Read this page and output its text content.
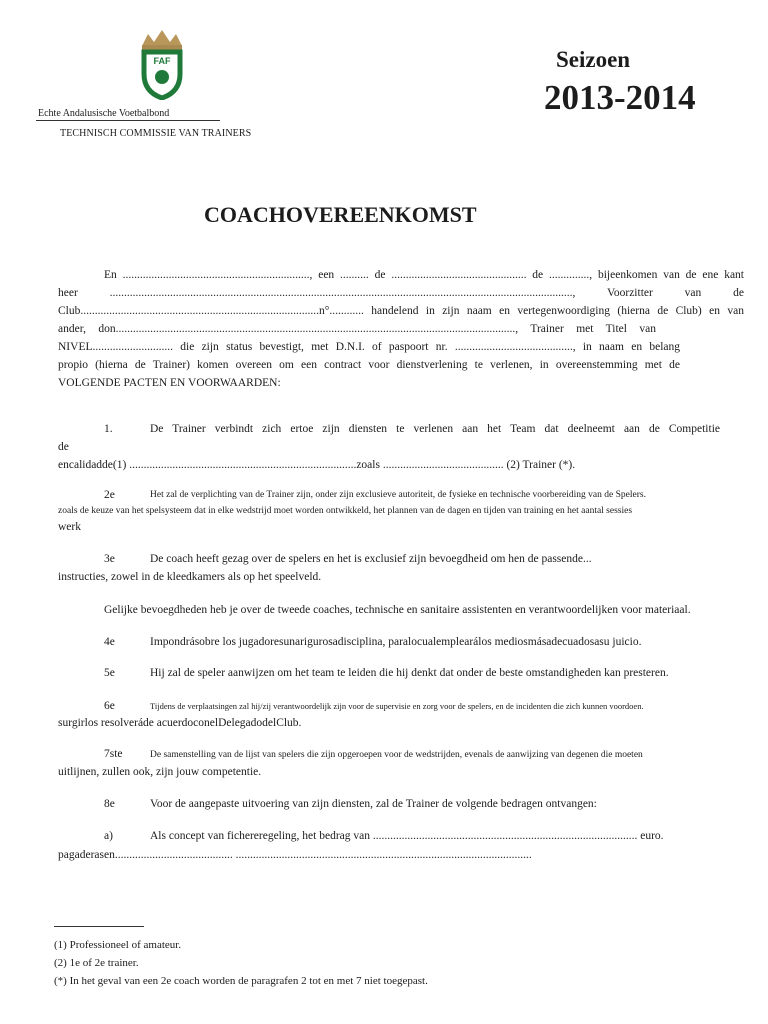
FAF
Echte Andalusische Voetbalbond
TECHNISCH COMMISSIE VAN TRAINERS
Seizoen
2013-2014
COACHOVEREENKOMST
En ................................................................., een .......... de ............................................... de .............., bijeenkomen van de ene kant
heer ................................................................................................................................................................., Voorzitter van de
Club...................................................................................n°............ handelend in zijn naam en vertegenwoordiging (hierna de Club) en van
ander, don..........................................................................................................................................., Trainer met Titel van
NIVEL............................ die zijn status bevestigt, met D.N.I. of paspoort nr. ........................................., in naam en belang
propio (hierna de Trainer) komen overeen om een contract voor dienstverlening te verlenen, in overeenstemming met de
VOLGENDE PACTEN EN VOORWAARDEN:
1.	De Trainer verbindt zich ertoe zijn diensten te verlenen aan het Team dat deelneemt aan de Competitie
de
encalidadde(1) ...............................................................................zoals .......................................... (2) Trainer (*).
2e	Het zal de verplichting van de Trainer zijn, onder zijn exclusieve autoriteit, de fysieke en technische voorbereiding van de Spelers.
zoals de keuze van het spelsysteem dat in elke wedstrijd moet worden ontwikkeld, het plannen van de dagen en tijden van training en het aantal sessies
werk
3e	De coach heeft gezag over de spelers en het is exclusief zijn bevoegdheid om hen de passende...
instructies, zowel in de kleedkamers als op het speelveld.
Gelijke bevoegdheden heb je over de tweede coaches, technische en sanitaire assistenten en verantwoordelijken voor materiaal.
4e	Impondrásobre los jugadoresunarigurosadisciplina, paralocualemplearálos mediosmásadecuadosasu juicio.
5e	Hij zal de speler aanwijzen om het team te leiden die hij denkt dat onder de beste omstandigheden kan presteren.
6e	Tijdens de verplaatsingen zal hij/zij verantwoordelijk zijn voor de supervisie en zorg voor de spelers, en de incidenten die zich kunnen voordoen.
surgirlos resolveráde acuerdoconelDelegadodelClub.
7ste	De samenstelling van de lijst van spelers die zijn opgeroepen voor de wedstrijden, evenals de aanwijzing van degenen die moeten
uitlijnen, zullen ook, zijn jouw competentie.
8e	Voor de aangepaste uitvoering van zijn diensten, zal de Trainer de volgende bedragen ontvangen:
a)	Als concept van fichereregeling, het bedrag van ............................................................................................ euro.
pagaderasen......................................... .......................................................................................................
(1) Professioneel of amateur.
(2) 1e of 2e trainer.
(*) In het geval van een 2e coach worden de paragrafen 2 tot en met 7 niet toegepast.
